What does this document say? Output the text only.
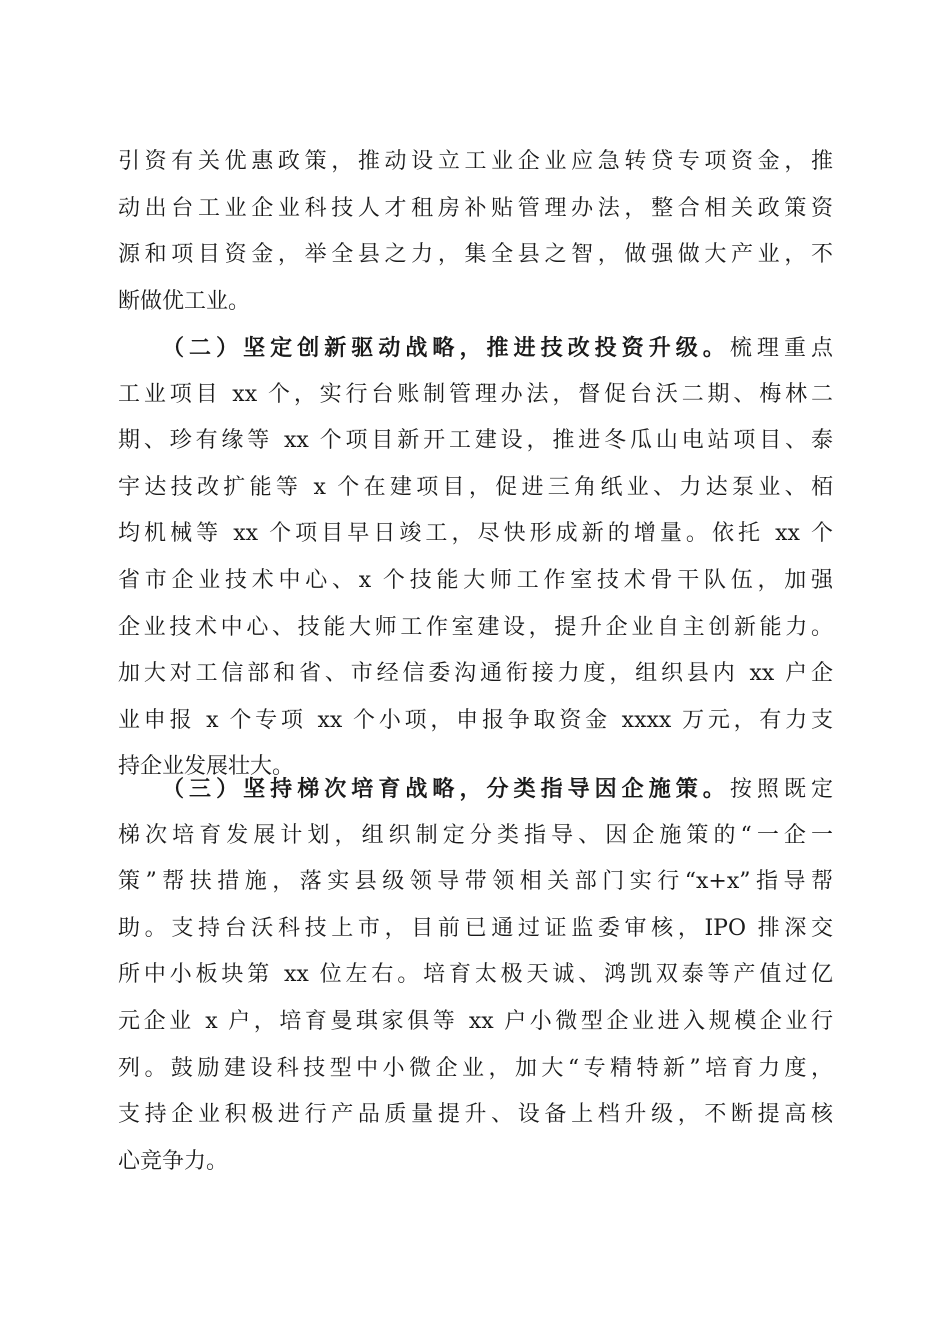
引资有关优惠政策，推动设立工业企业应急转贷专项资金，推
动出台工业企业科技人才租房补贴管理办法，整合相关政策资
源和项目资金，举全县之力，集全县之智，做强做大产业，不
断做优工业。
（二）坚定创新驱动战略，推进技改投资升级。梳理重点
工业项目 xx 个，实行台账制管理办法，督促台沃二期、梅林二
期、珍有缘等 xx 个项目新开工建设，推进冬瓜山电站项目、泰
宇达技改扩能等 x 个在建项目，促进三角纸业、力达泵业、栢
均机械等 xx 个项目早日竣工，尽快形成新的增量。依托 xx 个
省市企业技术中心、x 个技能大师工作室技术骨干队伍，加强
企业技术中心、技能大师工作室建设，提升企业自主创新能力。
加大对工信部和省、市经信委沟通衔接力度，组织县内 xx 户企
业申报 x 个专项 xx 个小项，申报争取资金 xxxx 万元，有力支
持企业发展壮大。
（三）坚持梯次培育战略，分类指导因企施策。按照既定
梯次培育发展计划，组织制定分类指导、因企施策的“一企一
策”帮扶措施，落实县级领导带领相关部门实行“x+x”指导帮
助。支持台沃科技上市，目前已通过证监委审核，IPO 排深交
所中小板块第 xx 位左右。培育太极天诚、鸿凯双泰等产值过亿
元企业 x 户，培育曼琪家俱等 xx 户小微型企业进入规模企业行
列。鼓励建设科技型中小微企业，加大“专精特新”培育力度，
支持企业积极进行产品质量提升、设备上档升级，不断提高核
心竞争力。
